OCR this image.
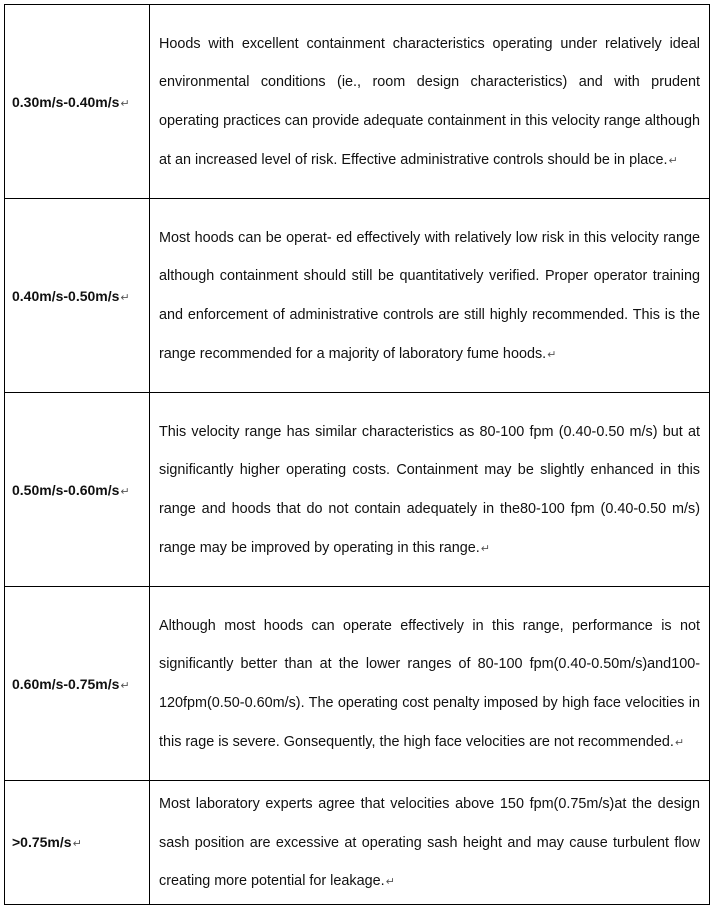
0.30m/s-0.40m/s↵	Hoods with excellent containment characteristics operating under relatively ideal environmental conditions (ie., room design characteristics) and with prudent operating practices can provide adequate containment in this velocity range although at an increased level of risk. Effective administrative controls should be in place.↵
0.40m/s-0.50m/s↵	Most hoods can be operat- ed effectively with relatively low risk in this velocity range although containment should still be quantitatively verified. Proper operator training and enforcement of administrative controls are still highly recommended. This is the range recommended for a majority of laboratory fume hoods.↵
0.50m/s-0.60m/s↵	This velocity range has similar characteristics as 80-100 fpm (0.40-0.50 m/s) but at significantly higher operating costs. Containment may be slightly enhanced in this range and hoods that do not contain adequately in the80-100 fpm (0.40-0.50 m/s) range may be improved by operating in this range.↵
0.60m/s-0.75m/s↵	Although most hoods can operate effectively in this range, performance is not significantly better than at the lower ranges of 80-100 fpm(0.40-0.50m/s)and100-120fpm(0.50-0.60m/s). The operating cost penalty imposed by high face velocities in this rage is severe. Gonsequently, the high face velocities are not recommended.↵
>0.75m/s↵	Most laboratory experts agree that velocities above 150 fpm(0.75m/s)at the design sash position are excessive at operating sash height and may cause turbulent flow creating more potential for leakage.↵
